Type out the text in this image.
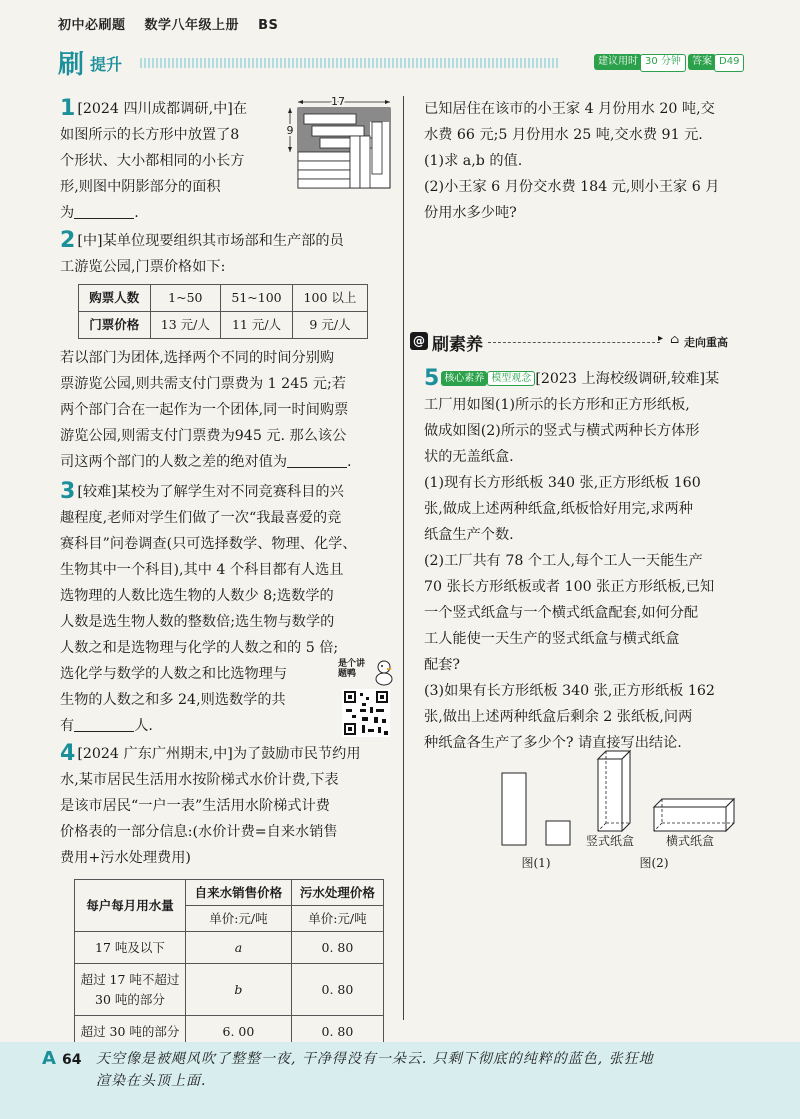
初中必刷题 数学八年级上册 BS
刷 提升	建议用时 30 分钟	答案 D49

1 [2024 四川成都调研,中]在

如图所示的长方形中放置了8

个形状、大小都相同的小长方

形,则图中阴影部分的面积

为	.

17
9

2 [中]某单位现要组织其市场部和生产部的员

工游览公园,门票价格如下:

购票人数	1~50	51~100	100 以上
门票价格	13 元/人	11 元/人	9 元/人

若以部门为团体,选择两个不同的时间分别购

票游览公园,则共需支付门票费为 1 245 元;若

两个部门合在一起作为一个团体,同一时间购票

游览公园,则需支付门票费为945 元. 那么该公

司这两个部门的人数之差的绝对值为	.

3 [较难]某校为了解学生对不同竞赛科目的兴

趣程度,老师对学生们做了一次“我最喜爱的竞

赛科目”问卷调查(只可选择数学、物理、化学、

生物其中一个科目),其中 4 个科目都有人选且

选物理的人数比选生物的人数少 8;选数学的

人数是选生物人数的整数倍;选生物与数学的

人数之和是选物理与化学的人数之和的 5 倍;

选化学与数学的人数之和比选物理与

生物的人数之和多 24,则选数学的共

有	人.

是个讲题鸭

4 [2024 广东广州期末,中]为了鼓励市民节约用

水,某市居民生活用水按阶梯式水价计费,下表

是该市居民“一户一表”生活用水阶梯式计费

价格表的一部分信息:(水价计费=自来水销售

费用+污水处理费用)

每户每月用水量	自来水销售价格	污水处理价格
	单价:元/吨	单价:元/吨
17 吨及以下	a	0. 80

超过 17 吨不超过
30 吨的部分	b	0. 80
超过 30 吨的部分	6. 00	0. 80

已知居住在该市的小王家 4 月份用水 20 吨,交

水费 66 元;5 月份用水 25 吨,交水费 91 元.

(1)求 a,b 的值.

(2)小王家 6 月份交水费 184 元,则小王家 6 月

份用水多少吨?

@ 刷素养	▸ ⌂ 走向重高

5 核心素养 模型观念 [2023 上海校级调研,较难]某

工厂用如图(1)所示的长方形和正方形纸板,

做成如图(2)所示的竖式与横式两种长方体形

状的无盖纸盒.

(1)现有长方形纸板 340 张,正方形纸板 160

张,做成上述两种纸盒,纸板恰好用完,求两种

纸盒生产个数.

(2)工厂共有 78 个工人,每个工人一天能生产

70 张长方形纸板或者 100 张正方形纸板,已知

一个竖式纸盒与一个横式纸盒配套,如何分配

工人能使一天生产的竖式纸盒与横式纸盒

配套?

(3)如果有长方形纸板 340 张,正方形纸板 162

张,做出上述两种纸盒后剩余 2 张纸板,问两

种纸盒各生产了多少个? 请直接写出结论.

竖式纸盒	横式纸盒
图(1)	图(2)
A 64 天空像是被飓风吹了整整一夜, 干净得没有一朵云. 只剩下彻底的纯粹的蓝色, 张狂地
渲染在头顶上面.
